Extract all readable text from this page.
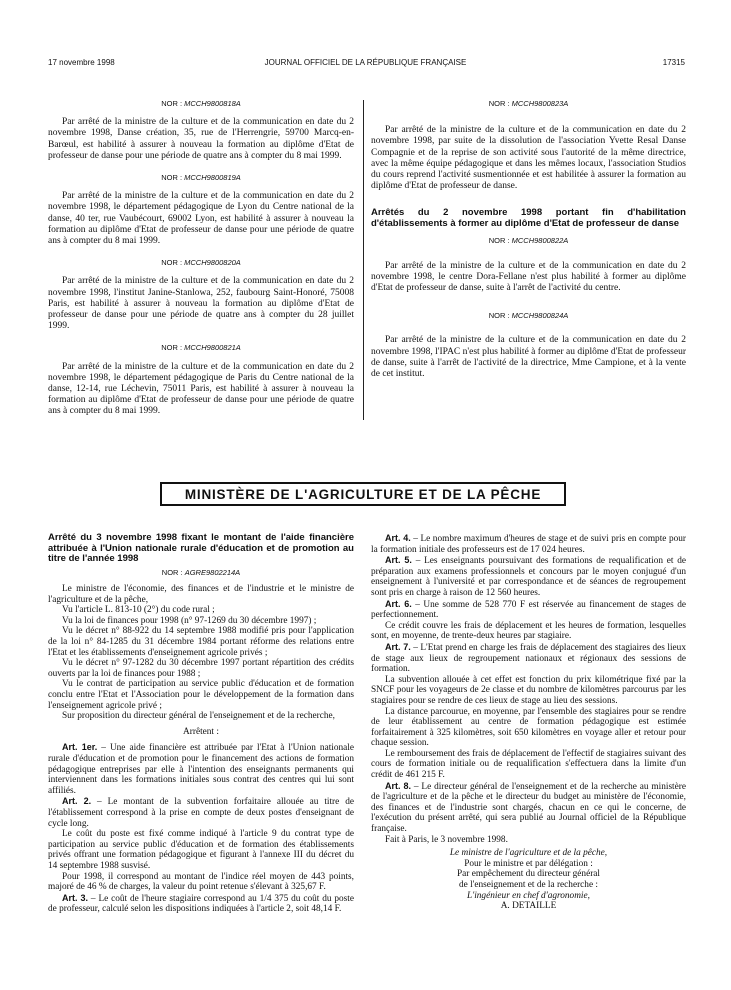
17 novembre 1998	JOURNAL OFFICIEL DE LA RÉPUBLIQUE FRANÇAISE	17315
NOR : MCCH9800818A

Par arrêté de la ministre de la culture et de la communication en date du 2 novembre 1998, Danse création, 35, rue de l'Herrengrie, 59700 Marcq-en-Barœul, est habilité à assurer à nouveau la formation au diplôme d'Etat de professeur de danse pour une période de quatre ans à compter du 8 mai 1999.

NOR : MCCH9800819A

Par arrêté de la ministre de la culture et de la communication en date du 2 novembre 1998, le département pédagogique de Lyon du Centre national de la danse, 40 ter, rue Vaubécourt, 69002 Lyon, est habilité à assurer à nouveau la formation au diplôme d'Etat de professeur de danse pour une période de quatre ans à compter du 8 mai 1999.

NOR : MCCH9800820A

Par arrêté de la ministre de la culture et de la communication en date du 2 novembre 1998, l'institut Janine-Stanlowa, 252, faubourg Saint-Honoré, 75008 Paris, est habilité à assurer à nouveau la formation au diplôme d'Etat de professeur de danse pour une période de quatre ans à compter du 28 juillet 1999.

NOR : MCCH9800821A

Par arrêté de la ministre de la culture et de la communication en date du 2 novembre 1998, le département pédagogique de Paris du Centre national de la danse, 12-14, rue Léchevin, 75011 Paris, est habilité à assurer à nouveau la formation au diplôme d'Etat de professeur de danse pour une période de quatre ans à compter du 8 mai 1999.

NOR : MCCH9800823A

Par arrêté de la ministre de la culture et de la communication en date du 2 novembre 1998, par suite de la dissolution de l'association Yvette Resal Danse Compagnie et de la reprise de son activité sous l'autorité de la même directrice, avec la même équipe pédagogique et dans les mêmes locaux, l'association Studios du cours reprend l'activité susmentionnée et est habilitée à assurer la formation au diplôme d'Etat de professeur de danse.

Arrêtés du 2 novembre 1998 portant fin d'habilitation d'établissements à former au diplôme d'Etat de professeur de danse

NOR : MCCH9800822A

Par arrêté de la ministre de la culture et de la communication en date du 2 novembre 1998, le centre Dora-Fellane n'est plus habilité à former au diplôme d'Etat de professeur de danse, suite à l'arrêt de l'activité du centre.

NOR : MCCH9800824A

Par arrêté de la ministre de la culture et de la communication en date du 2 novembre 1998, l'IPAC n'est plus habilité à former au diplôme d'Etat de professeur de danse, suite à l'arrêt de l'activité de la directrice, Mme Campione, et à la vente de cet institut.

MINISTÈRE DE L'AGRICULTURE ET DE LA PÊCHE

Arrêté du 3 novembre 1998 fixant le montant de l'aide financière attribuée à l'Union nationale rurale d'éducation et de promotion au titre de l'année 1998

NOR : AGRE9802214A

Le ministre de l'économie, des finances et de l'industrie et le ministre de l'agriculture et de la pêche,

Vu l'article L. 813-10 (2°) du code rural ;

Vu la loi de finances pour 1998 (n° 97-1269 du 30 décembre 1997) ;

Vu le décret n° 88-922 du 14 septembre 1988 modifié pris pour l'application de la loi n° 84-1285 du 31 décembre 1984 portant réforme des relations entre l'Etat et les établissements d'enseignement agricole privés ;

Vu le décret n° 97-1282 du 30 décembre 1997 portant répartition des crédits ouverts par la loi de finances pour 1988 ;

Vu le contrat de participation au service public d'éducation et de formation conclu entre l'Etat et l'Association pour le développement de la formation dans l'enseignement agricole privé ;

Sur proposition du directeur général de l'enseignement et de la recherche,

Arrêtent :

Art. 1er. – Une aide financière est attribuée par l'Etat à l'Union nationale rurale d'éducation et de promotion pour le financement des actions de formation pédagogique entreprises par elle à l'intention des enseignants permanents qui interviennent dans les formations initiales sous contrat des centres qui lui sont affiliés.

Art. 2. – Le montant de la subvention forfaitaire allouée au titre de l'établissement correspond à la prise en compte de deux postes d'enseignant de cycle long.

Le coût du poste est fixé comme indiqué à l'article 9 du contrat type de participation au service public d'éducation et de formation des établissements privés offrant une formation pédagogique et figurant à l'annexe III du décret du 14 septembre 1988 susvisé.

Pour 1998, il correspond au montant de l'indice réel moyen de 443 points, majoré de 46 % de charges, la valeur du point retenue s'élevant à 325,67 F.

Art. 3. – Le coût de l'heure stagiaire correspond au 1/4 375 du coût du poste de professeur, calculé selon les dispositions indiquées à l'article 2, soit 48,14 F.

Art. 4. – Le nombre maximum d'heures de stage et de suivi pris en compte pour la formation initiale des professeurs est de 17 024 heures.

Art. 5. – Les enseignants poursuivant des formations de requalification et de préparation aux examens professionnels et concours par le moyen conjugué d'un enseignement à l'université et par correspondance et de séances de regroupement sont pris en charge à raison de 12 560 heures.

Art. 6. – Une somme de 528 770 F est réservée au financement de stages de perfectionnement.

Ce crédit couvre les frais de déplacement et les heures de formation, lesquelles sont, en moyenne, de trente-deux heures par stagiaire.

Art. 7. – L'Etat prend en charge les frais de déplacement des stagiaires des lieux de stage aux lieux de regroupement nationaux et régionaux des sessions de formation.

La subvention allouée à cet effet est fonction du prix kilométrique fixé par la SNCF pour les voyageurs de 2e classe et du nombre de kilomètres parcourus par les stagiaires pour se rendre de ces lieux de stage au lieu des sessions.

La distance parcourue, en moyenne, par l'ensemble des stagiaires pour se rendre de leur établissement au centre de formation pédagogique est estimée forfaitairement à 325 kilomètres, soit 650 kilomètres en voyage aller et retour pour chaque session.

Le remboursement des frais de déplacement de l'effectif de stagiaires suivant des cours de formation initiale ou de requalification s'effectuera dans la limite d'un crédit de 461 215 F.

Art. 8. – Le directeur général de l'enseignement et de la recherche au ministère de l'agriculture et de la pêche et le directeur du budget au ministère de l'économie, des finances et de l'industrie sont chargés, chacun en ce qui le concerne, de l'exécution du présent arrêté, qui sera publié au Journal officiel de la République française.

Fait à Paris, le 3 novembre 1998.

Le ministre de l'agriculture et de la pêche,

Pour le ministre et par délégation :

Par empêchement du directeur général

de l'enseignement et de la recherche :

L'ingénieur en chef d'agronomie,

A. DETAILLE
